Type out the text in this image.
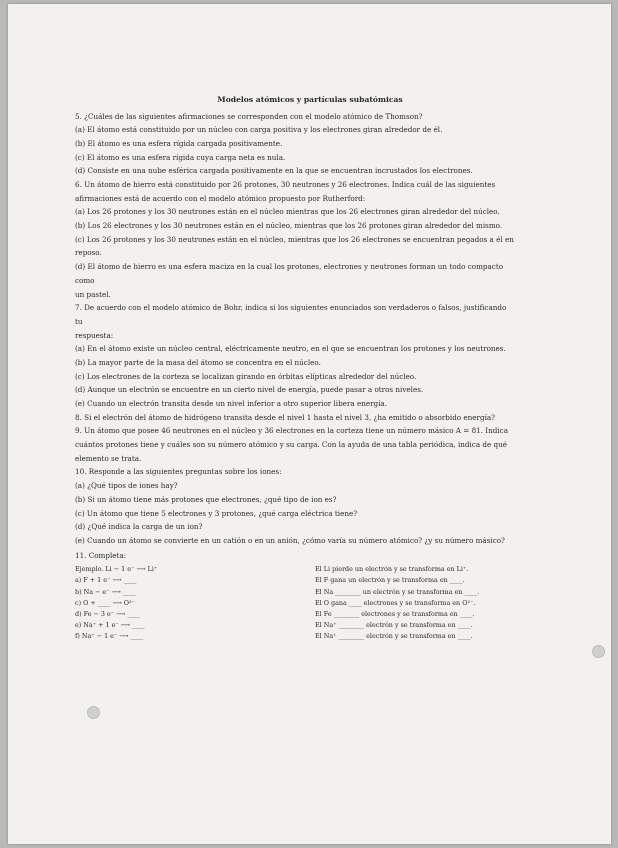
Modelos atómicos y partículas subatómicas
5. ¿Cuáles de las siguientes afirmaciones se corresponden con el modelo atómico de Thomson?
(a) El átomo está constituido por un núcleo con carga positiva y los electrones giran alrededor de él.
(b) El átomo es una esfera rígida cargada positivamente.
(c) El átomo es una esfera rígida cuya carga neta es nula.
(d) Consiste en una nube esférica cargada positivamente en la que se encuentran incrustados los electrones.
6. Un átomo de hierro está constituido por 26 protones, 30 neutrones y 26 electrones. Indica cuál de las siguientes
afirmaciones está de acuerdo con el modelo atómico propuesto por Rutherford:
(a) Los 26 protones y los 30 neutrones están en el núcleo mientras que los 26 electrones giran alrededor del núcleo.
(b) Los 26 electrones y los 30 neutrones están en el núcleo, mientras que los 26 protones giran alrededor del mismo.
(c) Los 26 protones y los 30 neutrones están en el núcleo, mientras que los 26 electrones se encuentran pegados a él en
reposo.
(d) El átomo de hierro es una esfera maciza en la cual los protones, electrones y neutrones forman un todo compacto
como
un pastel.
7. De acuerdo con el modelo atómico de Bohr, indica si los siguientes enunciados son verdaderos o falsos, justificando
tu
respuesta:
(a) En el átomo existe un núcleo central, eléctricamente neutro, en el que se encuentran los protones y los neutrones.
(b) La mayor parte de la masa del átomo se concentra en el núcleo.
(c) Los electrones de la corteza se localizan girando en órbitas elípticas alrededor del núcleo.
(d) Aunque un electrón se encuentre en un cierto nivel de energía, puede pasar a otros niveles.
(e) Cuando un electrón transita desde un nivel inferior a otro superior libera energía.
8. Si el electrón del átomo de hidrógeno transita desde el nivel 1 hasta el nivel 3, ¿ha emitido o absorbido energía?
9. Un átomo que posee 46 neutrones en el núcleo y 36 electrones en la corteza tiene un número másico A = 81. Indica
cuántos protones tiene y cuáles son su número atómico y su carga. Con la ayuda de una tabla periódica, indica de qué
elemento se trata.
10. Responde a las siguientes preguntas sobre los iones:
(a) ¿Qué tipos de iones hay?
(b) Si un átomo tiene más protones que electrones, ¿qué tipo de ion es?
(c) Un átomo que tiene 5 electrones y 3 protones, ¿qué carga eléctrica tiene?
(d) ¿Qué indica la carga de un ion?
(e) Cuando un átomo se convierte en un catión o en un anión, ¿cómo varía su número atómico? ¿y su número másico?
11. Completa:
Ejemplo. Li − 1 e⁻ ⟶ Li⁺	El Li pierde un electrón y se transforma en Li⁺.
a) F + 1 e⁻ ⟶ ____	El F gana un electrón y se transforma en ____.
b) Na − e⁻ ⟶ ____	El Na ________ un electrón y se transforma en ____.
c) O + ____ ⟶ O²⁻	El O gana ____ electrones y se transforma en O²⁻.
d) Fe − 3 e⁻ ⟶ ____	El Fe ________ electrones y se transforma en ____.
e) Na⁺ + 1 e⁻ ⟶ ____	El Na⁺ ________ electrón y se transforma en ____.
f) Na⁺ − 1 e⁻ ⟶ ____	El Na⁺ ________ electrón y se transforma en ____.
